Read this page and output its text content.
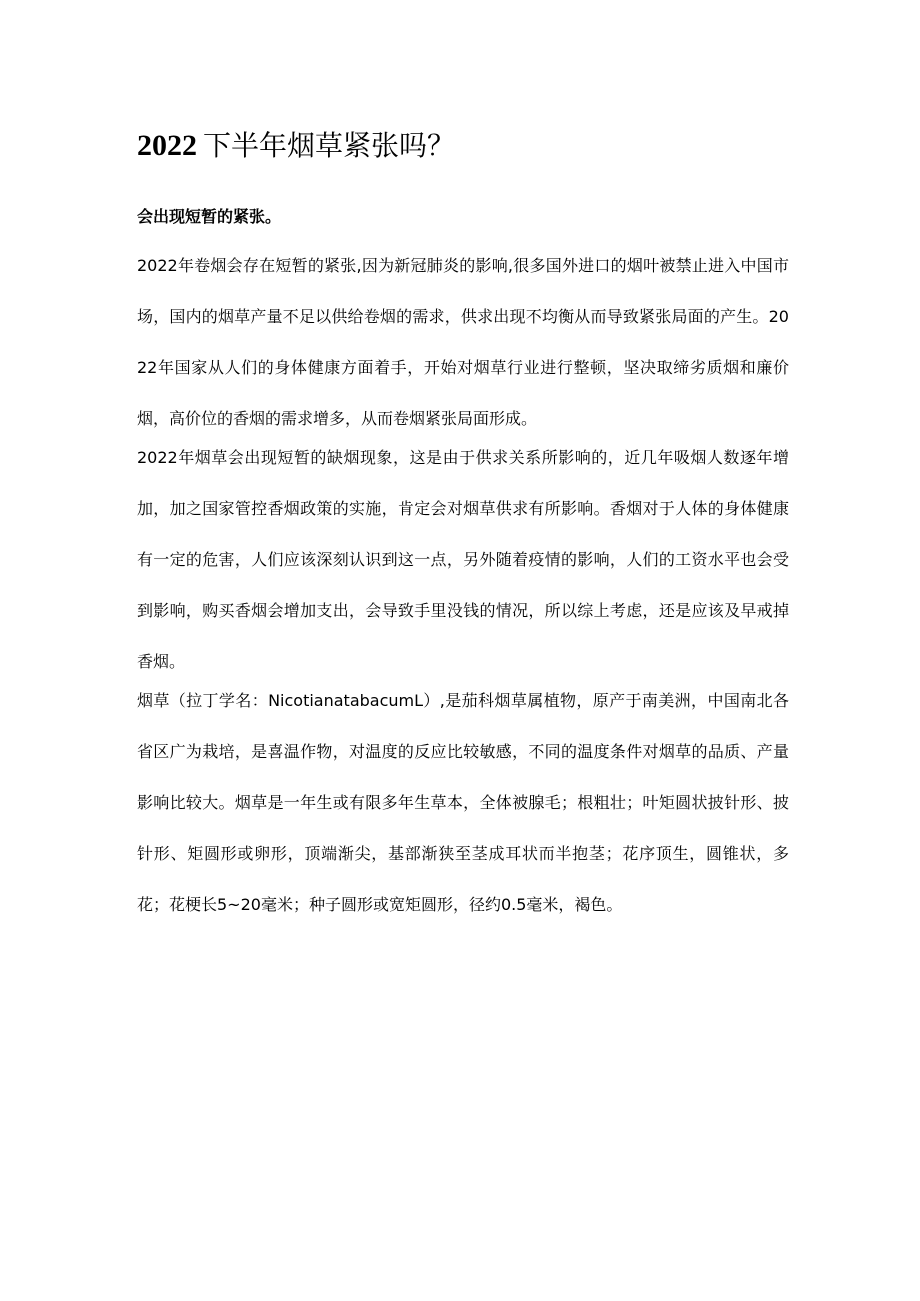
2022 下半年烟草紧张吗？

会出现短暂的紧张。

2022年卷烟会存在短暂的紧张,因为新冠肺炎的影响,很多国外进口的烟叶被禁止进入中国市场，国内的烟草产量不足以供给卷烟的需求，供求出现不均衡从而导致紧张局面的产生。2022年国家从人们的身体健康方面着手，开始对烟草行业进行整顿，坚决取缔劣质烟和廉价烟，高价位的香烟的需求增多，从而卷烟紧张局面形成。

2022年烟草会出现短暂的缺烟现象，这是由于供求关系所影响的，近几年吸烟人数逐年增加，加之国家管控香烟政策的实施，肯定会对烟草供求有所影响。香烟对于人体的身体健康有一定的危害，人们应该深刻认识到这一点，另外随着疫情的影响，人们的工资水平也会受到影响，购买香烟会增加支出，会导致手里没钱的情况，所以综上考虑，还是应该及早戒掉香烟。

烟草（拉丁学名：NicotianatabacumL）,是茄科烟草属植物，原产于南美洲，中国南北各省区广为栽培，是喜温作物，对温度的反应比较敏感，不同的温度条件对烟草的品质、产量影响比较大。烟草是一年生或有限多年生草本，全体被腺毛；根粗壮；叶矩圆状披针形、披针形、矩圆形或卵形，顶端渐尖，基部渐狭至茎成耳状而半抱茎；花序顶生，圆锥状，多花；花梗长5~20毫米；种子圆形或宽矩圆形，径约0.5毫米，褐色。
